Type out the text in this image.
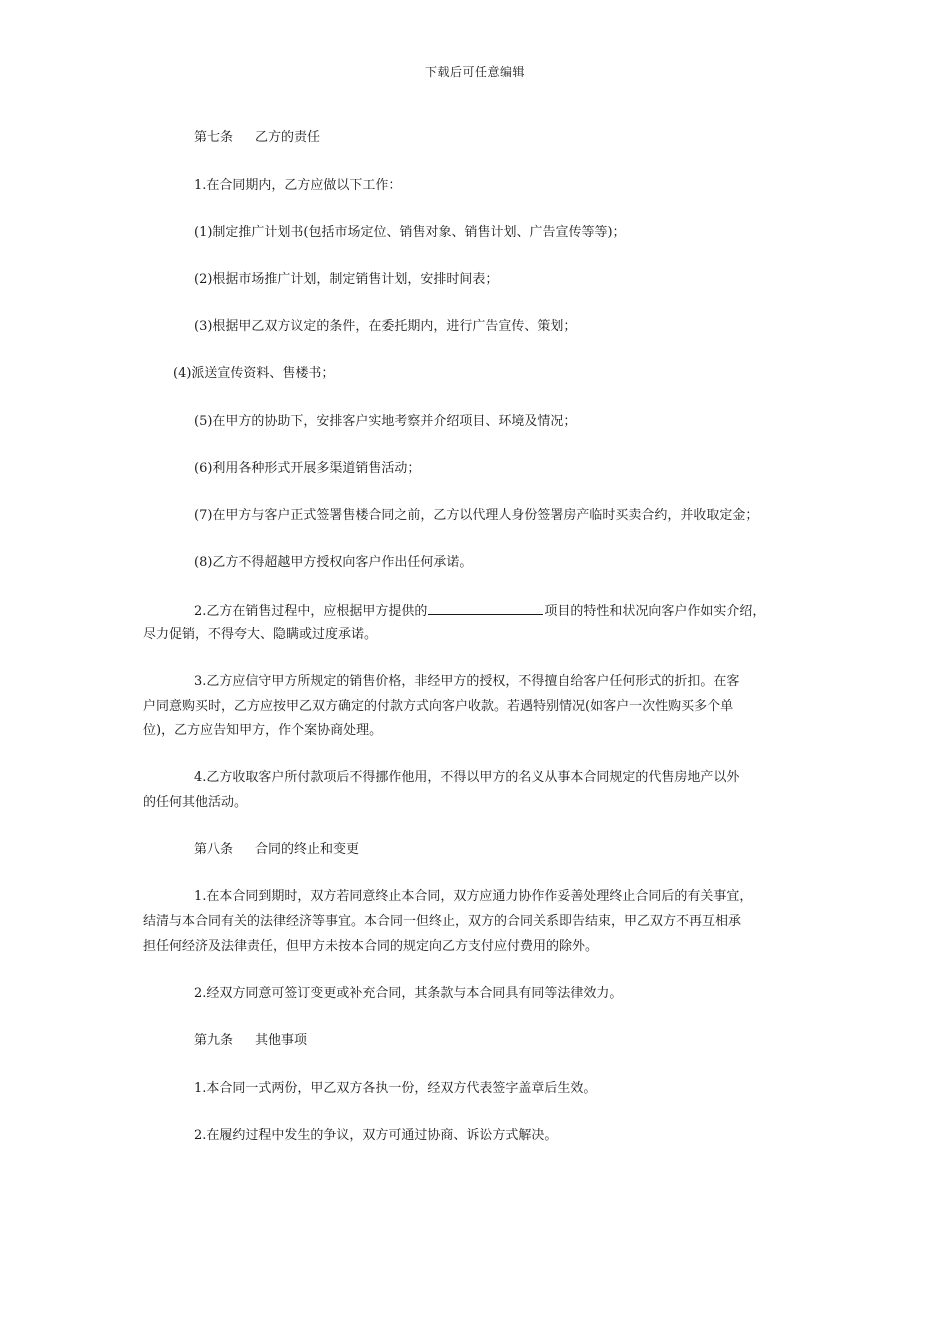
下载后可任意编辑
第七条 乙方的责任
1.在合同期内，乙方应做以下工作：
(1)制定推广计划书(包括市场定位、销售对象、销售计划、广告宣传等等)；
(2)根据市场推广计划，制定销售计划，安排时间表；
(3)根据甲乙双方议定的条件，在委托期内，进行广告宣传、策划；
(4)派送宣传资料、售楼书；
(5)在甲方的协助下，安排客户实地考察并介绍项目、环境及情况；
(6)利用各种形式开展多渠道销售活动；
(7)在甲方与客户正式签署售楼合同之前，乙方以代理人身份签署房产临时买卖合约，并收取定金；
(8)乙方不得超越甲方授权向客户作出任何承诺。
2.乙方在销售过程中，应根据甲方提供的	项目的特性和状况向客户作如实介绍，
尽力促销，不得夸大、隐瞒或过度承诺。
3.乙方应信守甲方所规定的销售价格，非经甲方的授权，不得擅自给客户任何形式的折扣。在客
户同意购买时，乙方应按甲乙双方确定的付款方式向客户收款。若遇特别情况(如客户一次性购买多个单
位)，乙方应告知甲方，作个案协商处理。
4.乙方收取客户所付款项后不得挪作他用，不得以甲方的名义从事本合同规定的代售房地产以外
的任何其他活动。
第八条 合同的终止和变更
1.在本合同到期时，双方若同意终止本合同，双方应通力协作作妥善处理终止合同后的有关事宜，
结清与本合同有关的法律经济等事宜。本合同一但终止，双方的合同关系即告结束，甲乙双方不再互相承
担任何经济及法律责任，但甲方未按本合同的规定向乙方支付应付费用的除外。
2.经双方同意可签订变更或补充合同，其条款与本合同具有同等法律效力。
第九条 其他事项
1.本合同一式两份，甲乙双方各执一份，经双方代表签字盖章后生效。
2.在履约过程中发生的争议，双方可通过协商、诉讼方式解决。
